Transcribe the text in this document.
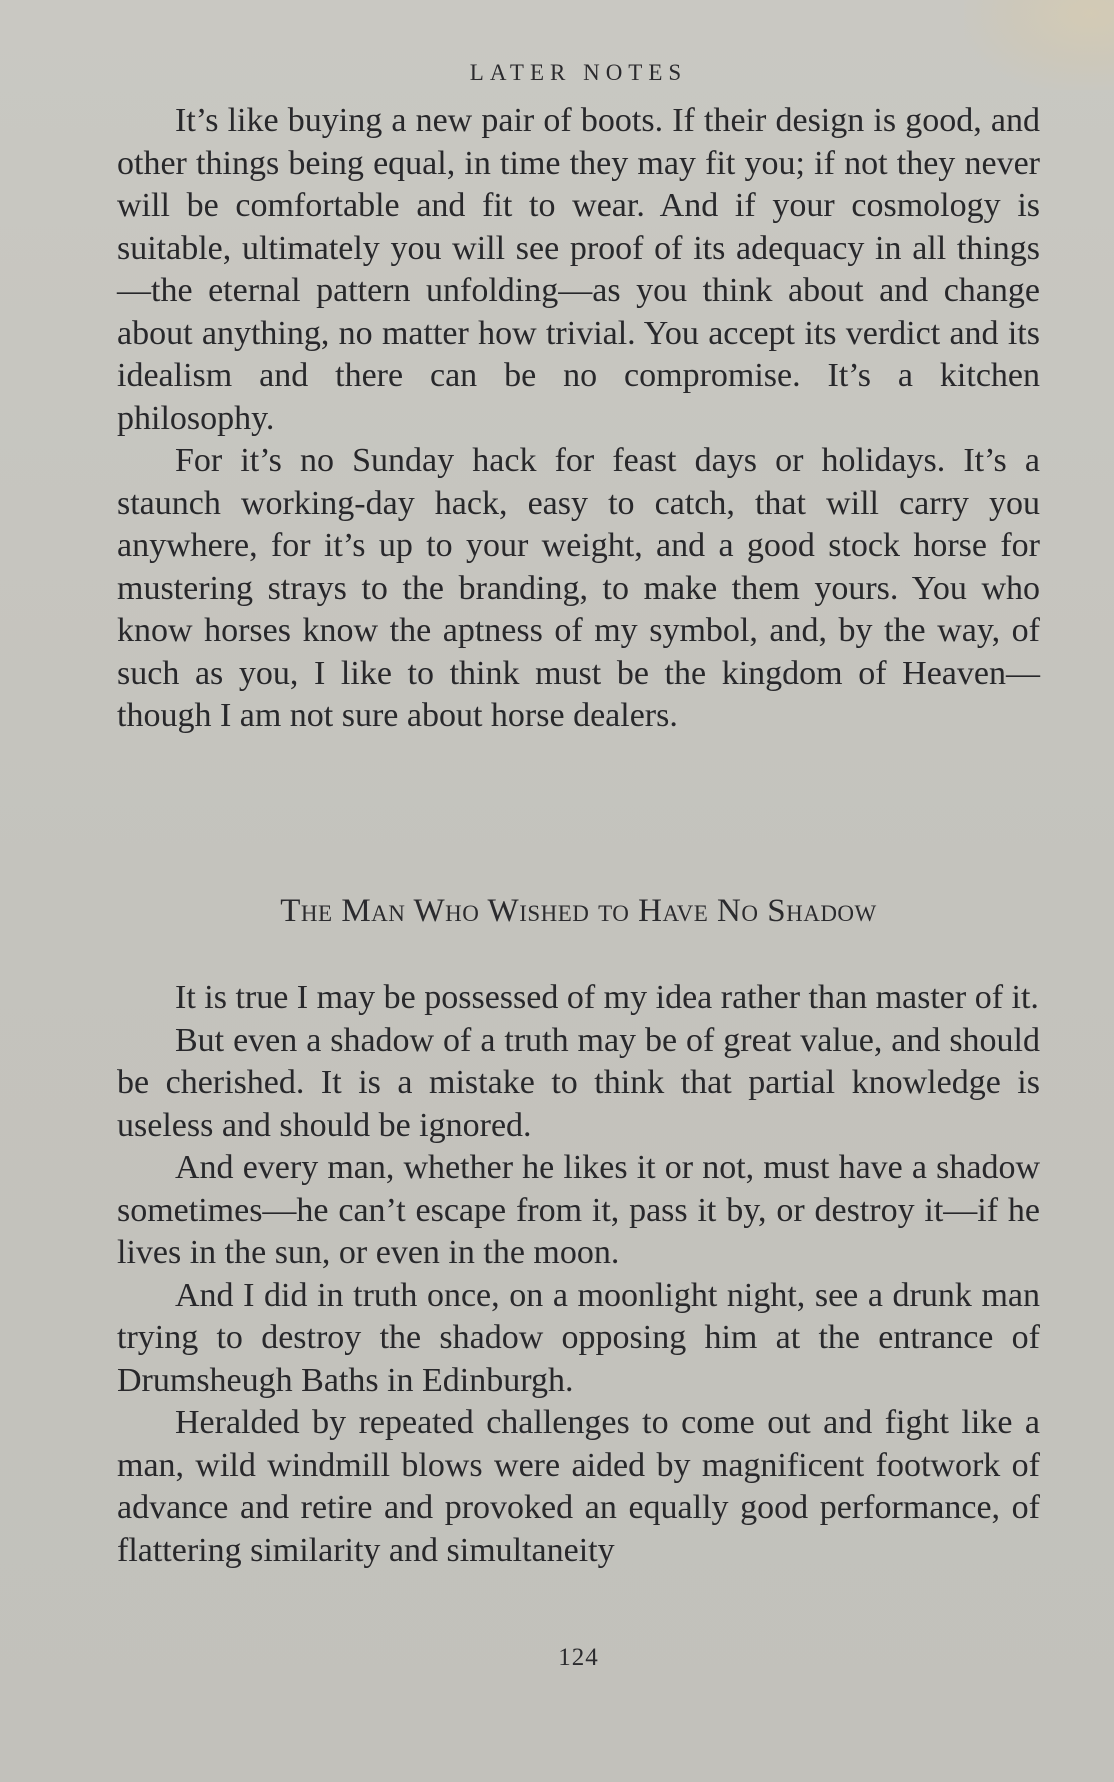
LATER NOTES

It’s like buying a new pair of boots. If their design is good, and other things being equal, in time they may fit you; if not they never will be comfortable and fit to wear. And if your cosmology is suitable, ultimately you will see proof of its adequacy in all things—the eternal pattern unfolding—as you think about and change about anything, no matter how trivial. You accept its verdict and its idealism and there can be no compromise. It’s a kitchen philosophy.

For it’s no Sunday hack for feast days or holidays. It’s a staunch working-day hack, easy to catch, that will carry you anywhere, for it’s up to your weight, and a good stock horse for mustering strays to the branding, to make them yours. You who know horses know the aptness of my symbol, and, by the way, of such as you, I like to think must be the kingdom of Heaven—though I am not sure about horse dealers.

The Man Who Wished to Have No Shadow

It is true I may be possessed of my idea rather than master of it.

But even a shadow of a truth may be of great value, and should be cherished. It is a mistake to think that partial knowledge is useless and should be ignored.

And every man, whether he likes it or not, must have a shadow sometimes—he can’t escape from it, pass it by, or destroy it—if he lives in the sun, or even in the moon.

And I did in truth once, on a moonlight night, see a drunk man trying to destroy the shadow opposing him at the entrance of Drumsheugh Baths in Edinburgh.

Heralded by repeated challenges to come out and fight like a man, wild windmill blows were aided by magnificent footwork of advance and retire and provoked an equally good performance, of flattering similarity and simultaneity

124
